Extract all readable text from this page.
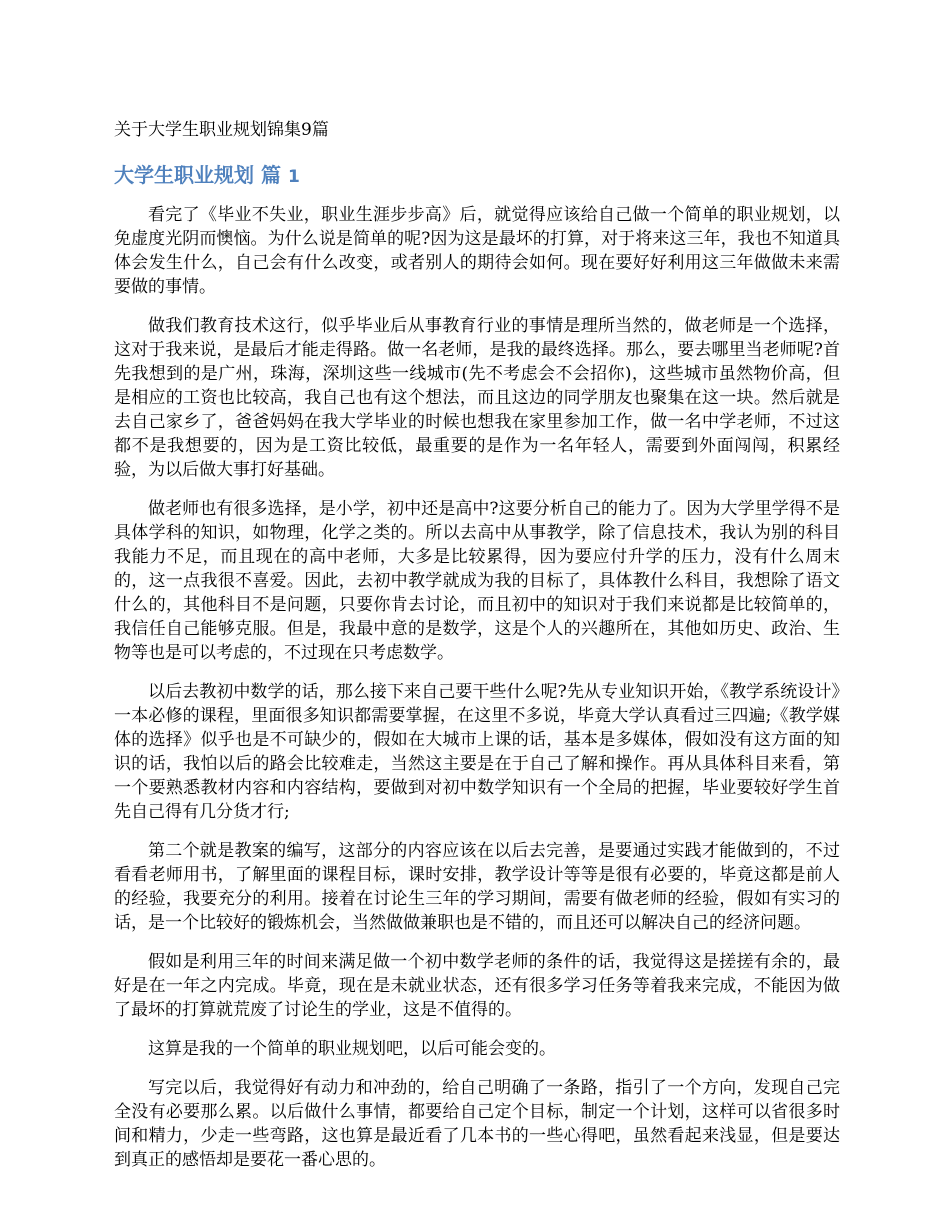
关于大学生职业规划锦集9篇

大学生职业规划 篇 1

看完了《毕业不失业，职业生涯步步高》后，就觉得应该给自己做一个简单的职业规划，以免虚度光阴而懊恼。为什么说是简单的呢?因为这是最坏的打算，对于将来这三年，我也不知道具体会发生什么，自己会有什么改变，或者别人的期待会如何。现在要好好利用这三年做做未来需要做的事情。

做我们教育技术这行，似乎毕业后从事教育行业的事情是理所当然的，做老师是一个选择，这对于我来说，是最后才能走得路。做一名老师，是我的最终选择。那么，要去哪里当老师呢?首先我想到的是广州，珠海，深圳这些一线城市(先不考虑会不会招你)，这些城市虽然物价高，但是相应的工资也比较高，我自己也有这个想法，而且这边的同学朋友也聚集在这一块。然后就是去自己家乡了，爸爸妈妈在我大学毕业的时候也想我在家里参加工作，做一名中学老师，不过这都不是我想要的，因为是工资比较低，最重要的是作为一名年轻人，需要到外面闯闯，积累经验，为以后做大事打好基础。

做老师也有很多选择，是小学，初中还是高中?这要分析自己的能力了。因为大学里学得不是具体学科的知识，如物理，化学之类的。所以去高中从事教学，除了信息技术，我认为别的科目我能力不足，而且现在的高中老师，大多是比较累得，因为要应付升学的压力，没有什么周末的，这一点我很不喜爱。因此，去初中教学就成为我的目标了，具体教什么科目，我想除了语文什么的，其他科目不是问题，只要你肯去讨论，而且初中的知识对于我们来说都是比较简单的，我信任自己能够克服。但是，我最中意的是数学，这是个人的兴趣所在，其他如历史、政治、生物等也是可以考虑的，不过现在只考虑数学。

以后去教初中数学的话，那么接下来自己要干些什么呢?先从专业知识开始，《教学系统设计》一本必修的课程，里面很多知识都需要掌握，在这里不多说，毕竟大学认真看过三四遍;《教学媒体的选择》似乎也是不可缺少的，假如在大城市上课的话，基本是多媒体，假如没有这方面的知识的话，我怕以后的路会比较难走，当然这主要是在于自己了解和操作。再从具体科目来看，第一个要熟悉教材内容和内容结构，要做到对初中数学知识有一个全局的把握，毕业要较好学生首先自己得有几分货才行;

第二个就是教案的编写，这部分的内容应该在以后去完善，是要通过实践才能做到的，不过看看老师用书，了解里面的课程目标，课时安排，教学设计等等是很有必要的，毕竟这都是前人的经验，我要充分的利用。接着在讨论生三年的学习期间，需要有做老师的经验，假如有实习的话，是一个比较好的锻炼机会，当然做做兼职也是不错的，而且还可以解决自己的经济问题。

假如是利用三年的时间来满足做一个初中数学老师的条件的话，我觉得这是搓搓有余的，最好是在一年之内完成。毕竟，现在是未就业状态，还有很多学习任务等着我来完成，不能因为做了最坏的打算就荒废了讨论生的学业，这是不值得的。

这算是我的一个简单的职业规划吧，以后可能会变的。

写完以后，我觉得好有动力和冲劲的，给自己明确了一条路，指引了一个方向，发现自己完全没有必要那么累。以后做什么事情，都要给自己定个目标，制定一个计划，这样可以省很多时间和精力，少走一些弯路，这也算是最近看了几本书的一些心得吧，虽然看起来浅显，但是要达到真正的感悟却是要花一番心思的。
